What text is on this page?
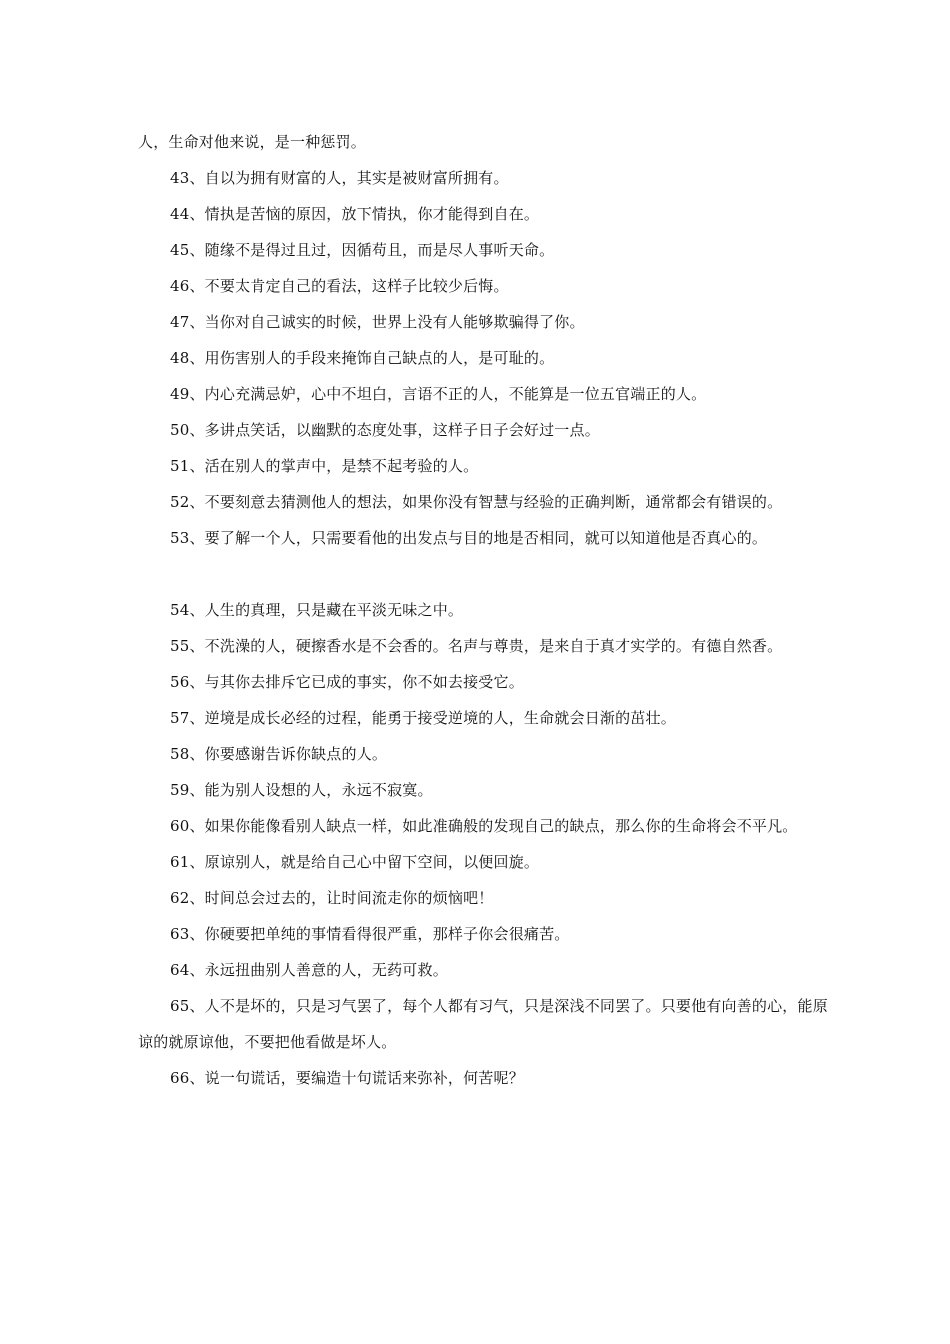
人，生命对他来说，是一种惩罚。

43、自以为拥有财富的人，其实是被财富所拥有。

44、情执是苦恼的原因，放下情执，你才能得到自在。

45、随缘不是得过且过，因循苟且，而是尽人事听天命。

46、不要太肯定自己的看法，这样子比较少后悔。

47、当你对自己诚实的时候，世界上没有人能够欺骗得了你。

48、用伤害别人的手段来掩饰自己缺点的人，是可耻的。

49、内心充满忌妒，心中不坦白，言语不正的人，不能算是一位五官端正的人。

50、多讲点笑话，以幽默的态度处事，这样子日子会好过一点。

51、活在别人的掌声中，是禁不起考验的人。

52、不要刻意去猜测他人的想法，如果你没有智慧与经验的正确判断，通常都会有错误的。

53、要了解一个人，只需要看他的出发点与目的地是否相同，就可以知道他是否真心的。

54、人生的真理，只是藏在平淡无味之中。

55、不洗澡的人，硬擦香水是不会香的。名声与尊贵，是来自于真才实学的。有德自然香。

56、与其你去排斥它已成的事实，你不如去接受它。

57、逆境是成长必经的过程，能勇于接受逆境的人，生命就会日渐的茁壮。

58、你要感谢告诉你缺点的人。

59、能为别人设想的人，永远不寂寞。

60、如果你能像看别人缺点一样，如此准确般的发现自己的缺点，那么你的生命将会不平凡。

61、原谅别人，就是给自己心中留下空间，以便回旋。

62、时间总会过去的，让时间流走你的烦恼吧！

63、你硬要把单纯的事情看得很严重，那样子你会很痛苦。

64、永远扭曲别人善意的人，无药可救。

65、人不是坏的，只是习气罢了，每个人都有习气，只是深浅不同罢了。只要他有向善的心，能原谅的就原谅他，不要把他看做是坏人。

66、说一句谎话，要编造十句谎话来弥补，何苦呢？
